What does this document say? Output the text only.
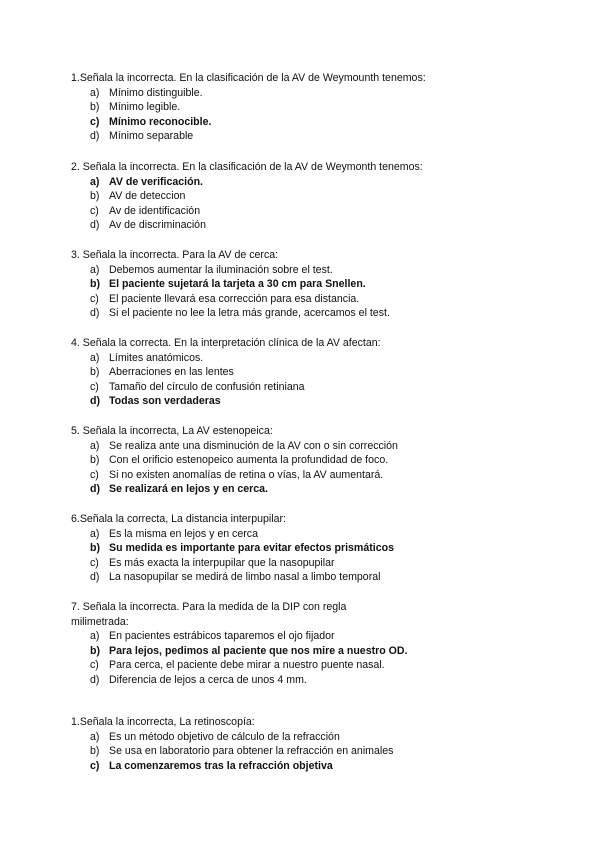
1.Señala la incorrecta. En la clasificación de la AV de Weymounth tenemos:
a) Mínimo distinguible.
b) Mínimo legible.
c) Mínimo reconocible.
d) Mínimo separable
2. Señala la incorrecta. En la clasificación de la AV de Weymonth tenemos:
a) AV de verificación.
b) AV de deteccion
c) Av de identificación
d) Av de discriminación
3. Señala la incorrecta. Para la AV de cerca:
a) Debemos aumentar la iluminación sobre el test.
b) El paciente sujetará la tarjeta a 30 cm para Snellen.
c) El paciente llevará esa corrección para esa distancia.
d) Si el paciente no lee la letra más grande, acercamos el test.
4. Señala la correcta. En la interpretación clínica de la AV afectan:
a) Límites anatómicos.
b) Aberraciones en las lentes
c) Tamaño del círculo de confusión retiniana
d) Todas son verdaderas
5. Señala la incorrecta, La AV estenopeica:
a) Se realiza ante una disminución de la AV con o sin corrección
b) Con el orificio estenopeico aumenta la profundidad de foco.
c) Si no existen anomalías de retina o vías, la AV aumentará.
d) Se realizará en lejos y en cerca.
6.Señala la correcta, La distancia interpupilar:
a) Es la misma en lejos y en cerca
b) Su medida es importante para evitar efectos prismáticos
c) Es más exacta la interpupilar que la nasopupilar
d) La nasopupilar se medirá de limbo nasal a limbo temporal
7. Señala la incorrecta. Para la medida de la DIP con regla milimetrada:
a) En pacientes estrábicos taparemos el ojo fijador
b) Para lejos, pedimos al paciente que nos mire a nuestro OD.
c) Para cerca, el paciente debe mirar a nuestro puente nasal.
d) Diferencia de lejos a cerca de unos 4 mm.
1.Señala la incorrecta, La retinoscopía:
a) Es un método objetivo de cálculo de la refracción
b) Se usa en laboratorio para obtener la refracción en animales
c) La comenzaremos tras la refracción objetiva
